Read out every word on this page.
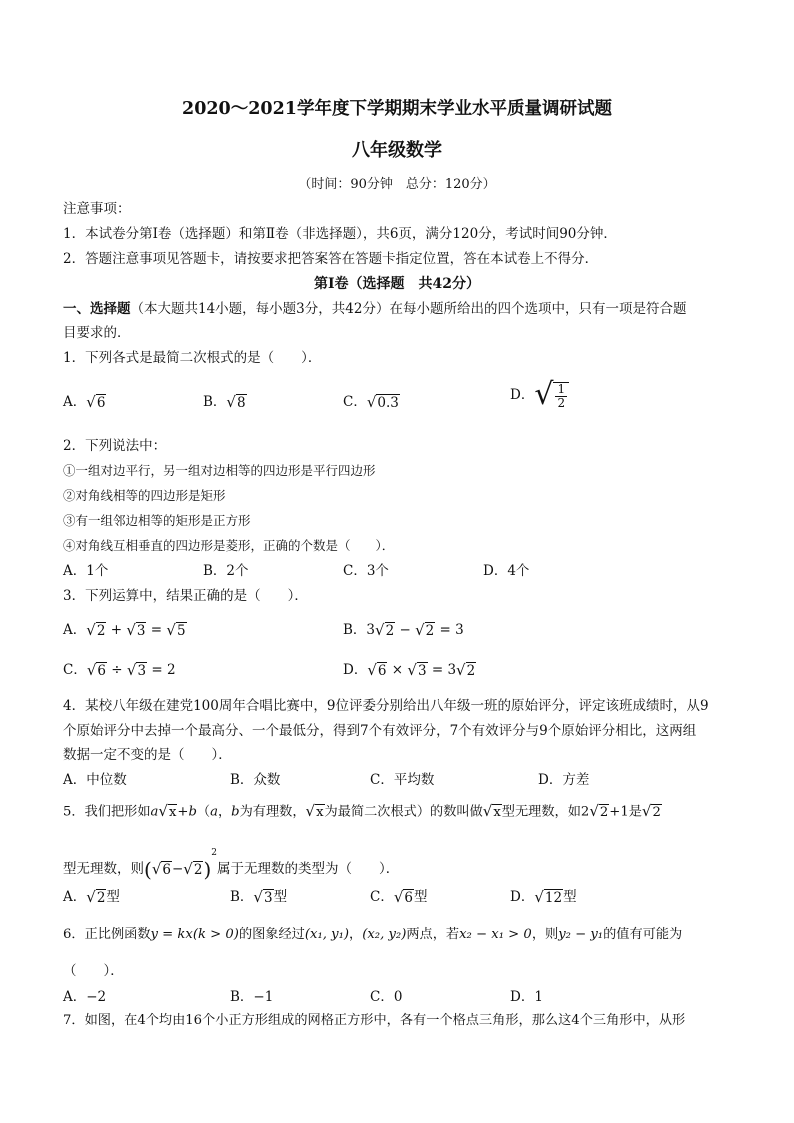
2020～2021学年度下学期期末学业水平质量调研试题
八年级数学
（时间：90分钟　总分：120分）
注意事项：
1．本试卷分第Ⅰ卷（选择题）和第Ⅱ卷（非选择题），共6页，满分120分，考试时间90分钟．
2．答题注意事项见答题卡，请按要求把答案答在答题卡指定位置，答在本试卷上不得分．
第Ⅰ卷（选择题　共42分）
一、选择题（本大题共14小题，每小题3分，共42分）在每小题所给出的四个选项中，只有一项是符合题
目要求的．
1．下列各式是最简二次根式的是（　　）．
A．√6	B．√8	C．√0.3	D． √ $\frac{1}{2}$
2．下列说法中：
①一组对边平行，另一组对边相等的四边形是平行四边形
②对角线相等的四边形是矩形
③有一组邻边相等的矩形是正方形
④对角线互相垂直的四边形是菱形，正确的个数是（　　）．
A．1个	B．2个	C．3个	D．4个
3．下列运算中，结果正确的是（　　）．
A．√2 + √3 = √5	B．3√2 − √2 = 3
C．√6 ÷ √3 = 2	D．√6 × √3 = 3√2
4．某校八年级在建党100周年合唱比赛中，9位评委分别给出八年级一班的原始评分，评定该班成绩时，从9
个原始评分中去掉一个最高分、一个最低分，得到7个有效评分，7个有效评分与9个原始评分相比，这两组
数据一定不变的是（　　）．
A．中位数	B．众数	C．平均数	D．方差
5．我们把形如a√x+b（a，b为有理数，√x为最简二次根式）的数叫做√x型无理数，如2√2+1是√2
型无理数，则$(√6-√2)^2$属于无理数的类型为（　　）．
A．√2型	B．√3型	C．√6型	D．√12型
6．正比例函数y = kx(k > 0)的图象经过(x₁, y₁)，(x₂, y₂)两点，若x₂ − x₁ > 0，则y₂ − y₁的值有可能为
（　　）．
A．−2	B．−1	C．0	D．1
7．如图，在4个均由16个小正方形组成的网格正方形中，各有一个格点三角形，那么这4个三角形中，从形
